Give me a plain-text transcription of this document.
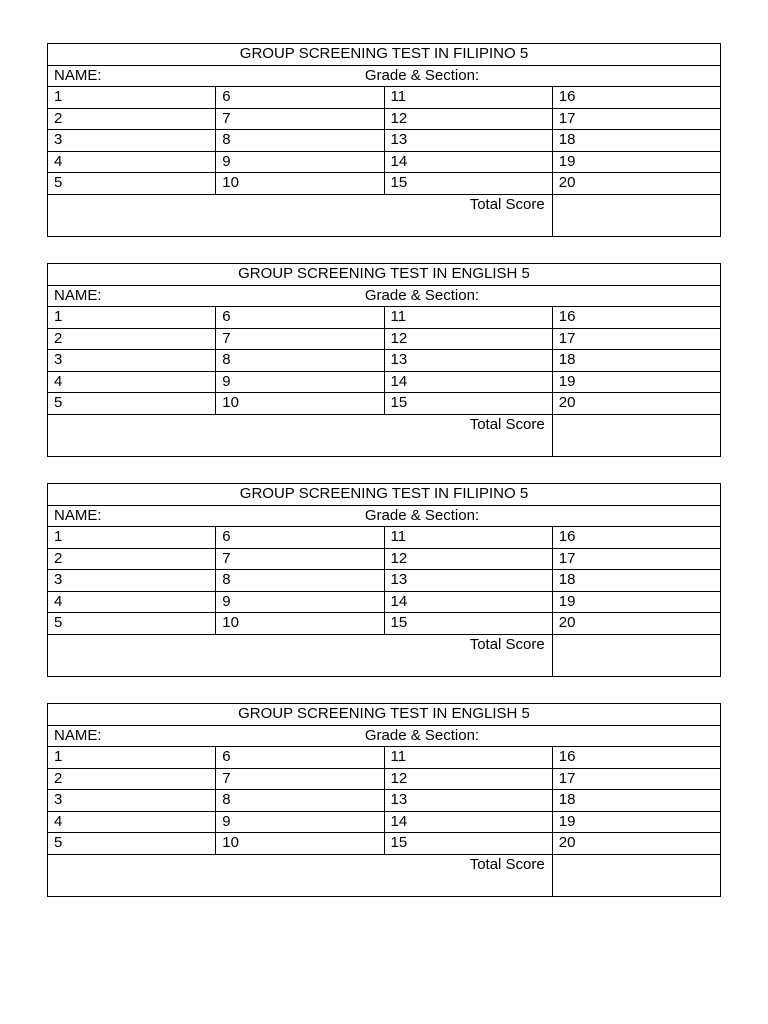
GROUP SCREENING TEST IN FILIPINO 5			

NAME: Grade & Section:			

1	6	11	16
2	7	12	17
3	8	13	18
4	9	14	19
5	10	15	20
Total Score			
GROUP SCREENING TEST IN ENGLISH 5			

NAME: Grade & Section:			

1	6	11	16
2	7	12	17
3	8	13	18
4	9	14	19
5	10	15	20
Total Score			
GROUP SCREENING TEST IN FILIPINO 5			

NAME: Grade & Section:			

1	6	11	16
2	7	12	17
3	8	13	18
4	9	14	19
5	10	15	20
Total Score			
GROUP SCREENING TEST IN ENGLISH 5			

NAME: Grade & Section:			

1	6	11	16
2	7	12	17
3	8	13	18
4	9	14	19
5	10	15	20
Total Score			
